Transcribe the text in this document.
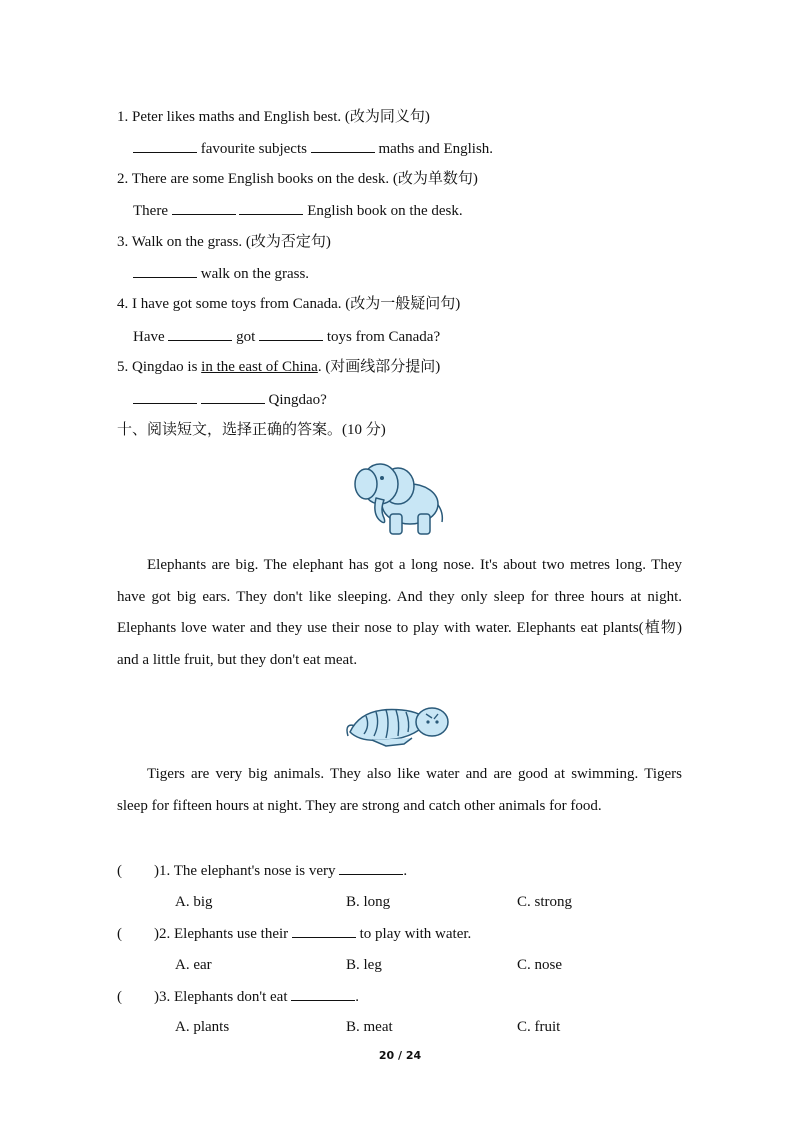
1. Peter likes maths and English best. (改为同义句)
favourite subjects	maths and English.
2. There are some English books on the desk. (改为单数句)
There	English book on the desk.
3. Walk on the grass. (改为否定句)
walk on the grass.
4. I have got some toys from Canada. (改为一般疑问句)
Have	got	toys from Canada?
5. Qingdao is in the east of China. (对画线部分提问)
Qingdao?
十、阅读短文，选择正确的答案。(10 分)
Elephants are big. The elephant has got a long nose. It's about two metres long. They have got big ears. They don't like sleeping. And they only sleep for three hours at night. Elephants love water and they use their nose to play with water. Elephants eat plants(植物) and a little fruit, but they don't eat meat.
Tigers are very big animals. They also like water and are good at swimming. Tigers sleep for fifteen hours at night. They are strong and catch other animals for food.
( )1. The elephant's nose is very	.
A. big	B. long	C. strong
( )2. Elephants use their	to play with water.
A. ear	B. leg	C. nose
( )3. Elephants don't eat	.
A. plants	B. meat	C. fruit
20 / 24
